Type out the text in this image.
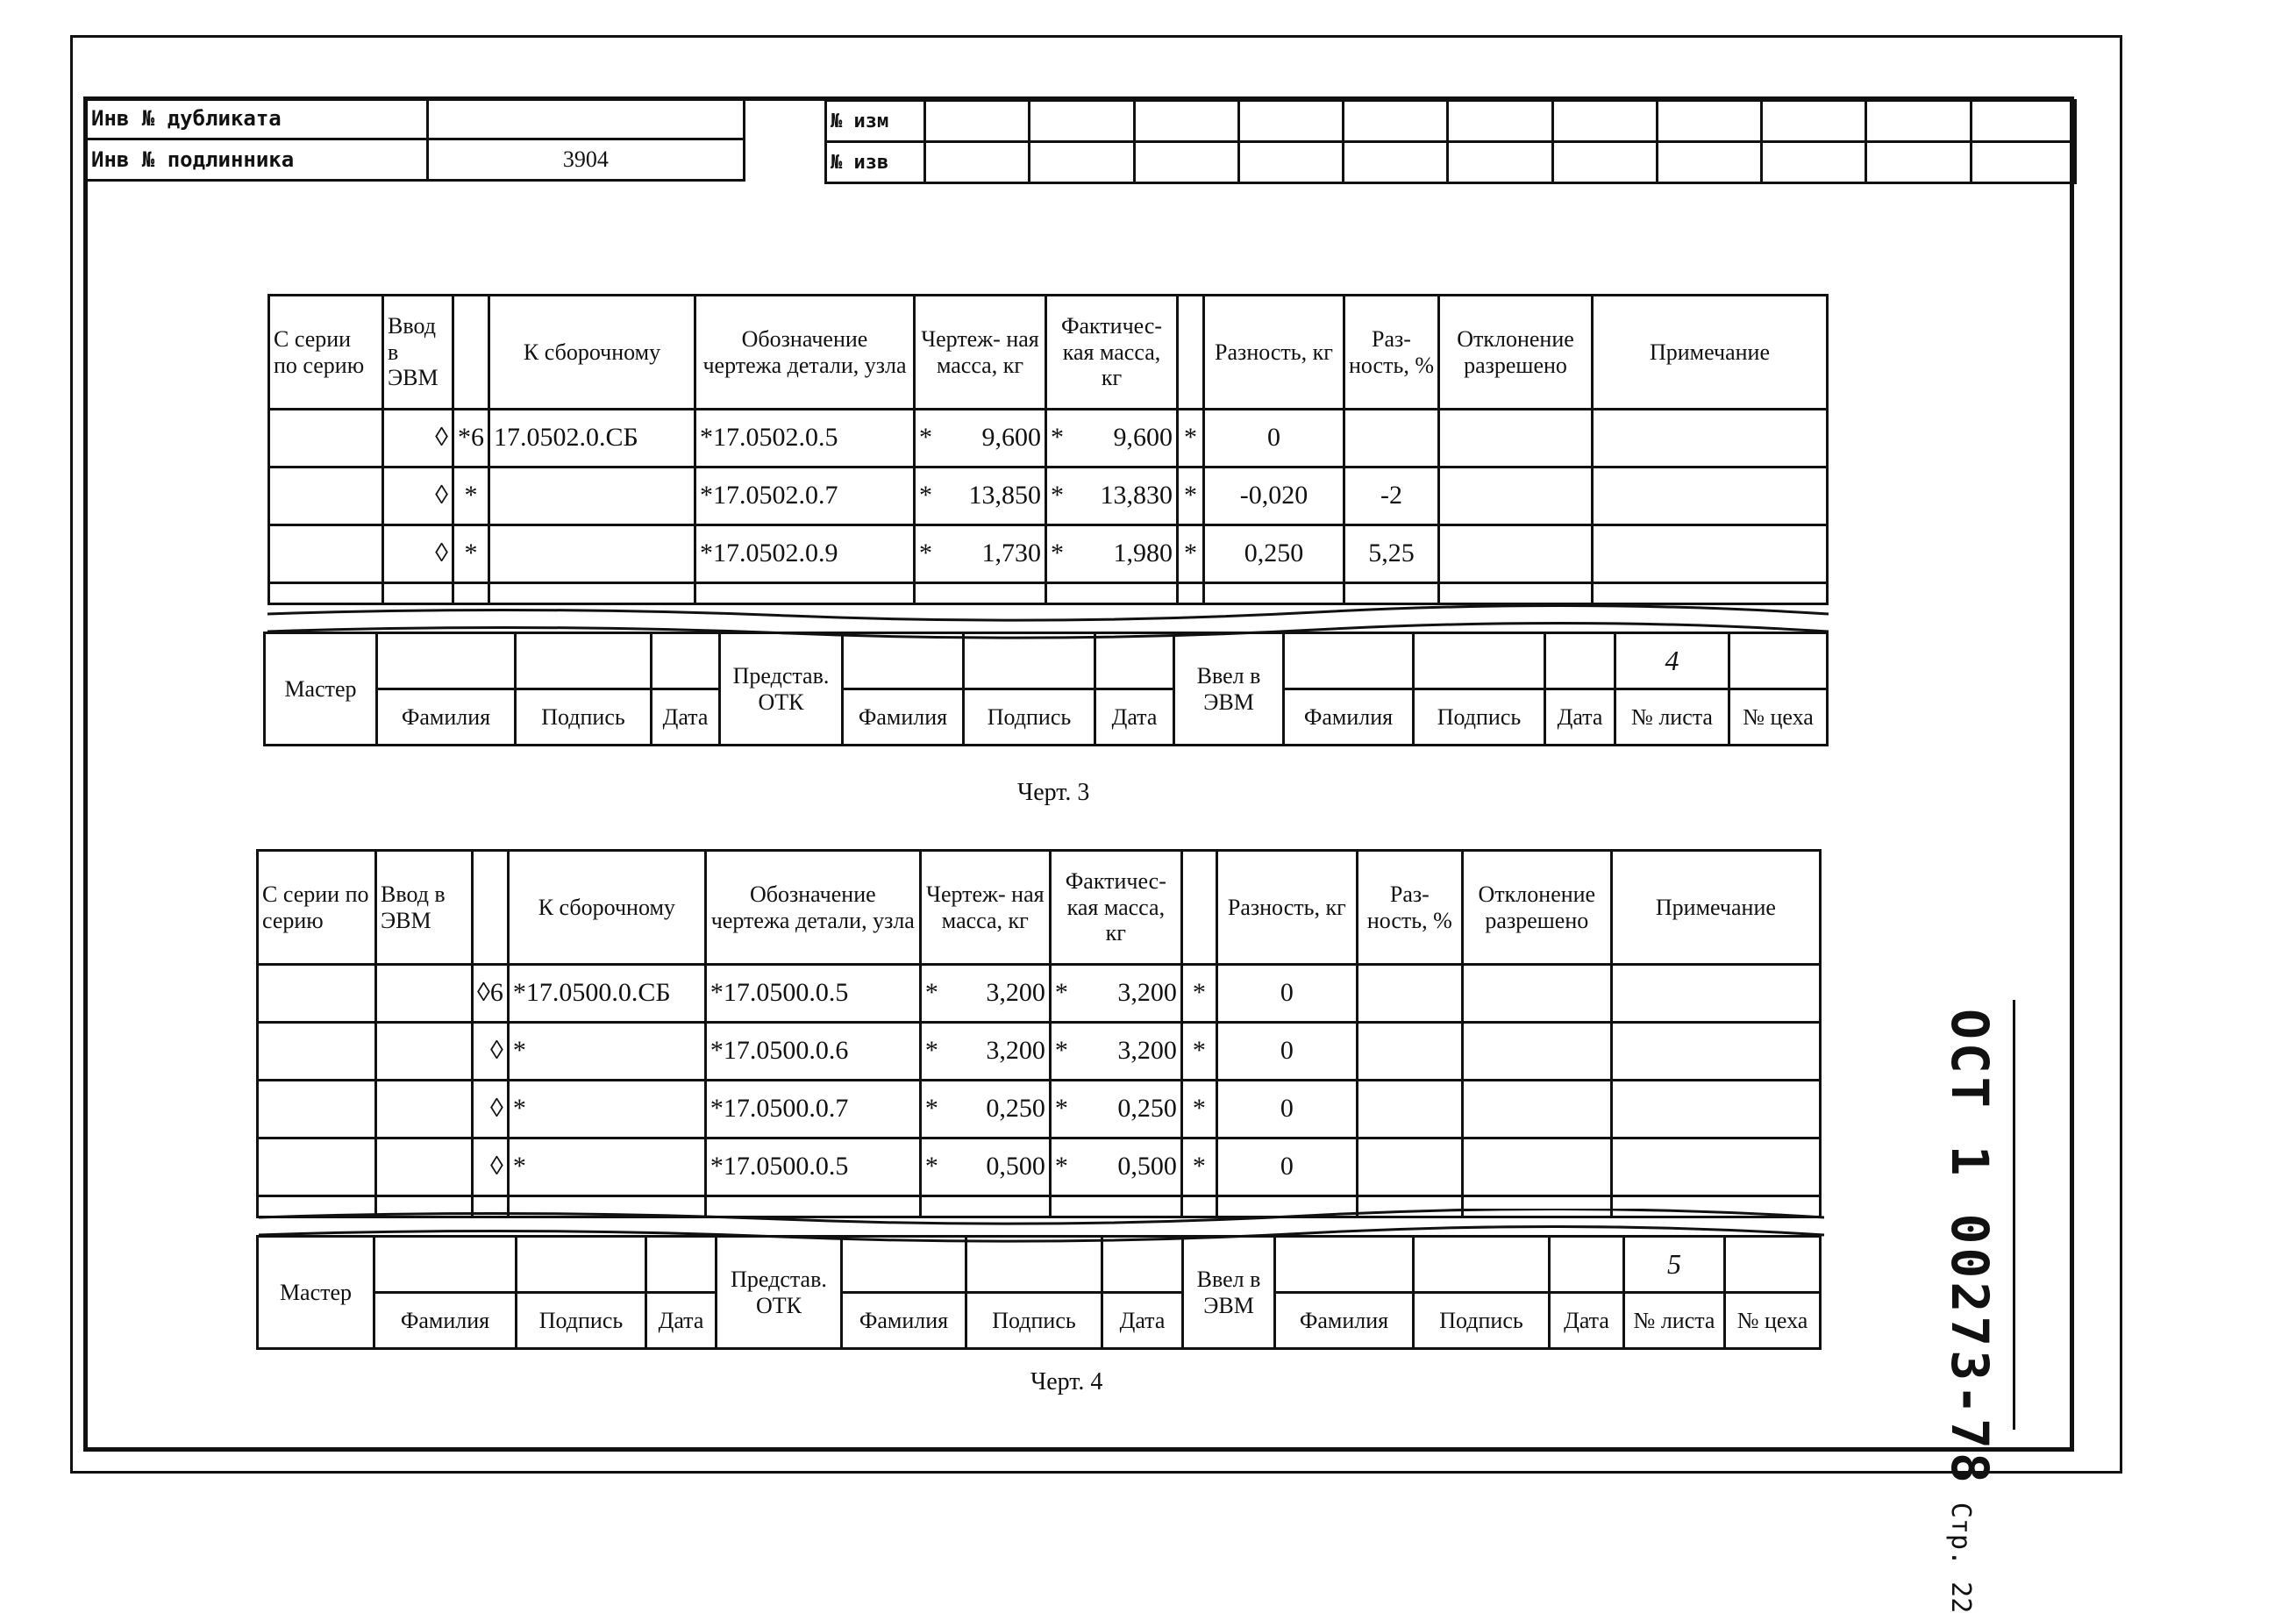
Инв № дубликата	
Инв № подлинника	3904
№ изм											
№ изв											
С серии по серию	Ввод в ЭВМ		К сборочному	Обозначение чертежа детали, узла	Чертеж- ная масса, кг	Фактичес- кая масса, кг		Разность, кг	Раз- ность, %	Отклонение разрешено	Примечание
	◊	*6	17.0502.0.СБ	*17.0502.0.5	* 9,600	* 9,600	*	0			
	◊	*		*17.0502.0.7	* 13,850	* 13,830	*	-0,020	-2		
	◊	*		*17.0502.0.9	* 1,730	* 1,980	*	0,250	5,25		

Мастер				Представ. ОТК				Ввел в ЭВМ				4	
	Фамилия	Подпись	Дата		Фамилия	Подпись	Дата		Фамилия	Подпись	Дата	№ листа	№ цеха
Черт. 3
С серии по серию	Ввод в ЭВМ		К сборочному	Обозначение чертежа детали, узла	Чертеж- ная масса, кг	Фактичес- кая масса, кг		Разность, кг	Раз- ность, %	Отклонение разрешено	Примечание
		◊6	*17.0500.0.СБ	*17.0500.0.5	* 3,200	* 3,200	*	0			
		◊	*	*17.0500.0.6	* 3,200	* 3,200	*	0			
		◊	*	*17.0500.0.7	* 0,250	* 0,250	*	0			
		◊	*	*17.0500.0.5	* 0,500	* 0,500	*	0			

Мастер				Представ. ОТК				Ввел в ЭВМ				5	
	Фамилия	Подпись	Дата		Фамилия	Подпись	Дата		Фамилия	Подпись	Дата	№ листа	№ цеха
Черт. 4	ОСТ 1 00273-78Стр. 22
